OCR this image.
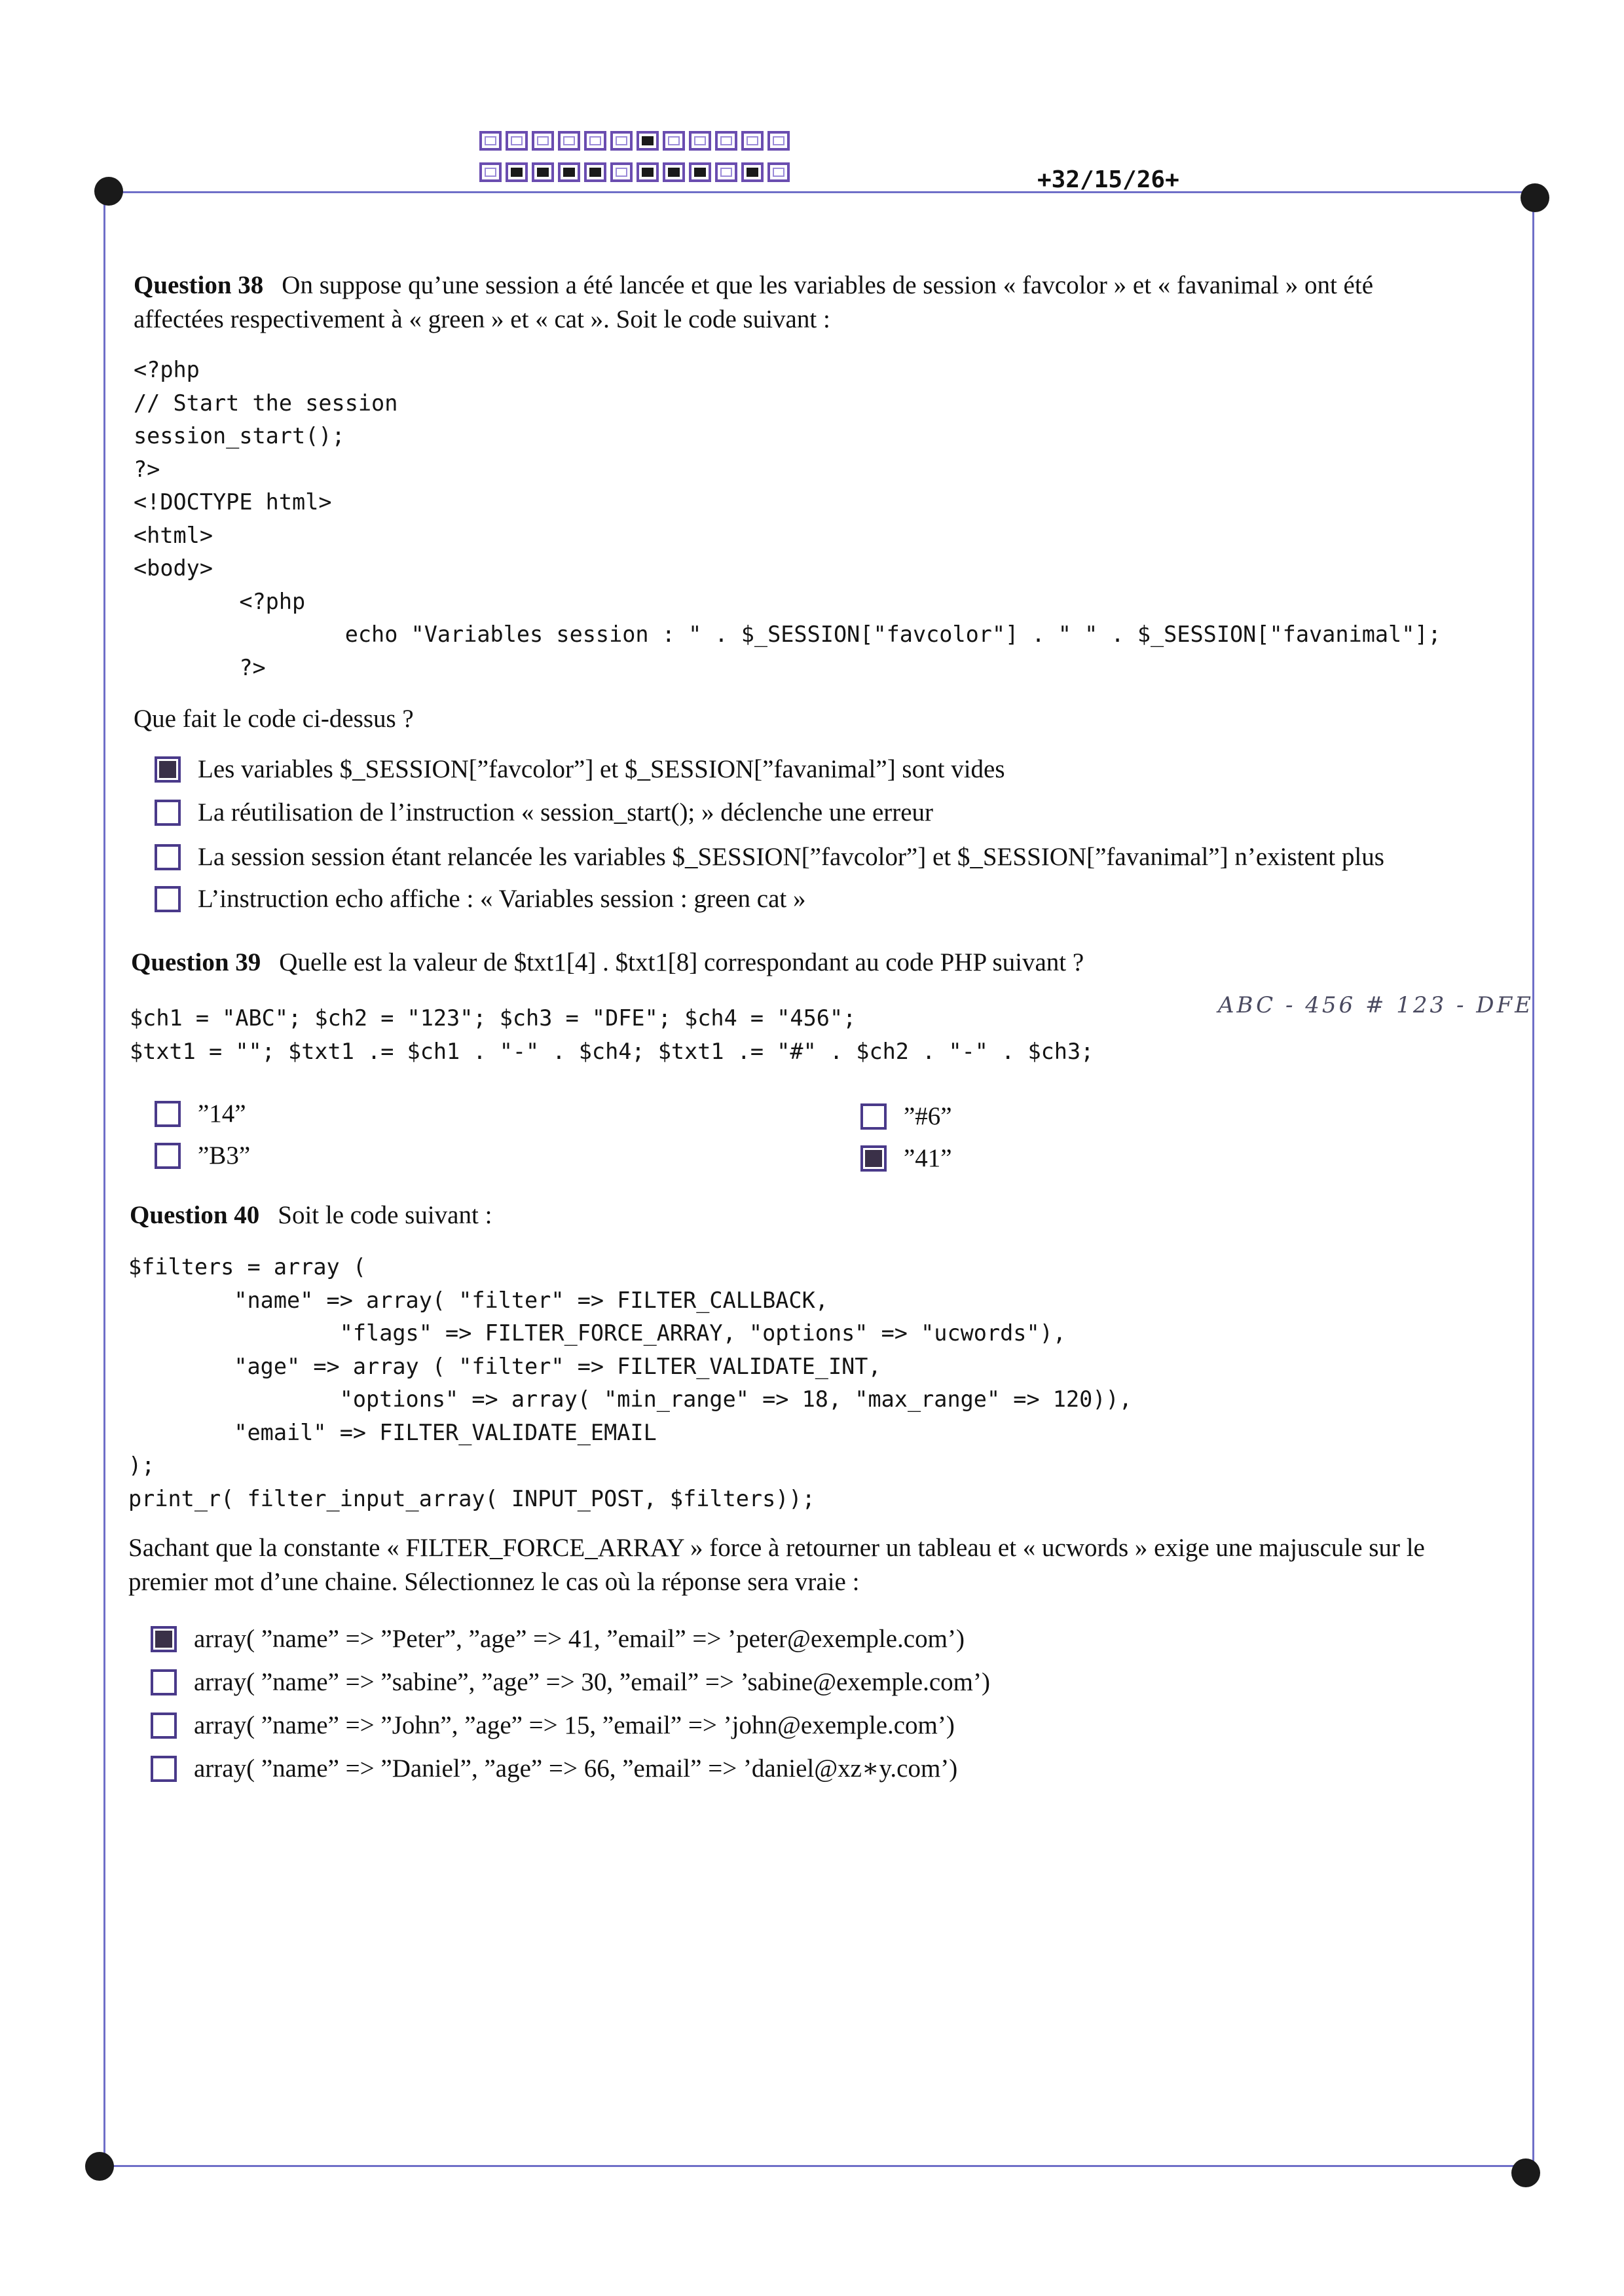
+32/15/26+

Question 38 On suppose qu’une session a été lancée et que les variables de session « favcolor » et « favanimal » ont été
affectées respectivement à « green » et « cat ». Soit le code suivant :

<?php
// Start the session
session_start();
?>
<!DOCTYPE html>
<html>
<body>
<?php
echo "Variables session : " . $_SESSION["favcolor"] . " " . $_SESSION["favanimal"];
?>

Que fait le code ci-dessus ?

Les variables $_SESSION[”favcolor”] et $_SESSION[”favanimal”] sont vides
La réutilisation de l’instruction « session_start(); » déclenche une erreur
La session session étant relancée les variables $_SESSION[”favcolor”] et $_SESSION[”favanimal”] n’existent plus
L’instruction echo affiche : « Variables session : green cat »

Question 39 Quelle est la valeur de $txt1[4] . $txt1[8] correspondant au code PHP suivant ?

$ch1 = "ABC"; $ch2 = "123"; $ch3 = "DFE"; $ch4 = "456";
$txt1 = ""; $txt1 .= $ch1 . "-" . $ch4; $txt1 .= "#" . $ch2 . "-" . $ch3;
ABC - 456 # 123 - DFE
”14”
”B3”
”#6”
”41”

Question 40 Soit le code suivant :

$filters = array (
"name" => array( "filter" => FILTER_CALLBACK,
"flags" => FILTER_FORCE_ARRAY, "options" => "ucwords"),
"age" => array ( "filter" => FILTER_VALIDATE_INT,
"options" => array( "min_range" => 18, "max_range" => 120)),
"email" => FILTER_VALIDATE_EMAIL
);
print_r( filter_input_array( INPUT_POST, $filters));

Sachant que la constante « FILTER_FORCE_ARRAY » force à retourner un tableau et « ucwords » exige une majuscule sur le
premier mot d’une chaine. Sélectionnez le cas où la réponse sera vraie :

array( ”name” => ”Peter”, ”age” => 41, ”email” => ’peter@exemple.com’)
array( ”name” => ”sabine”, ”age” => 30, ”email” => ’sabine@exemple.com’)
array( ”name” => ”John”, ”age” => 15, ”email” => ’john@exemple.com’)
array( ”name” => ”Daniel”, ”age” => 66, ”email” => ’daniel@xz∗y.com’)
